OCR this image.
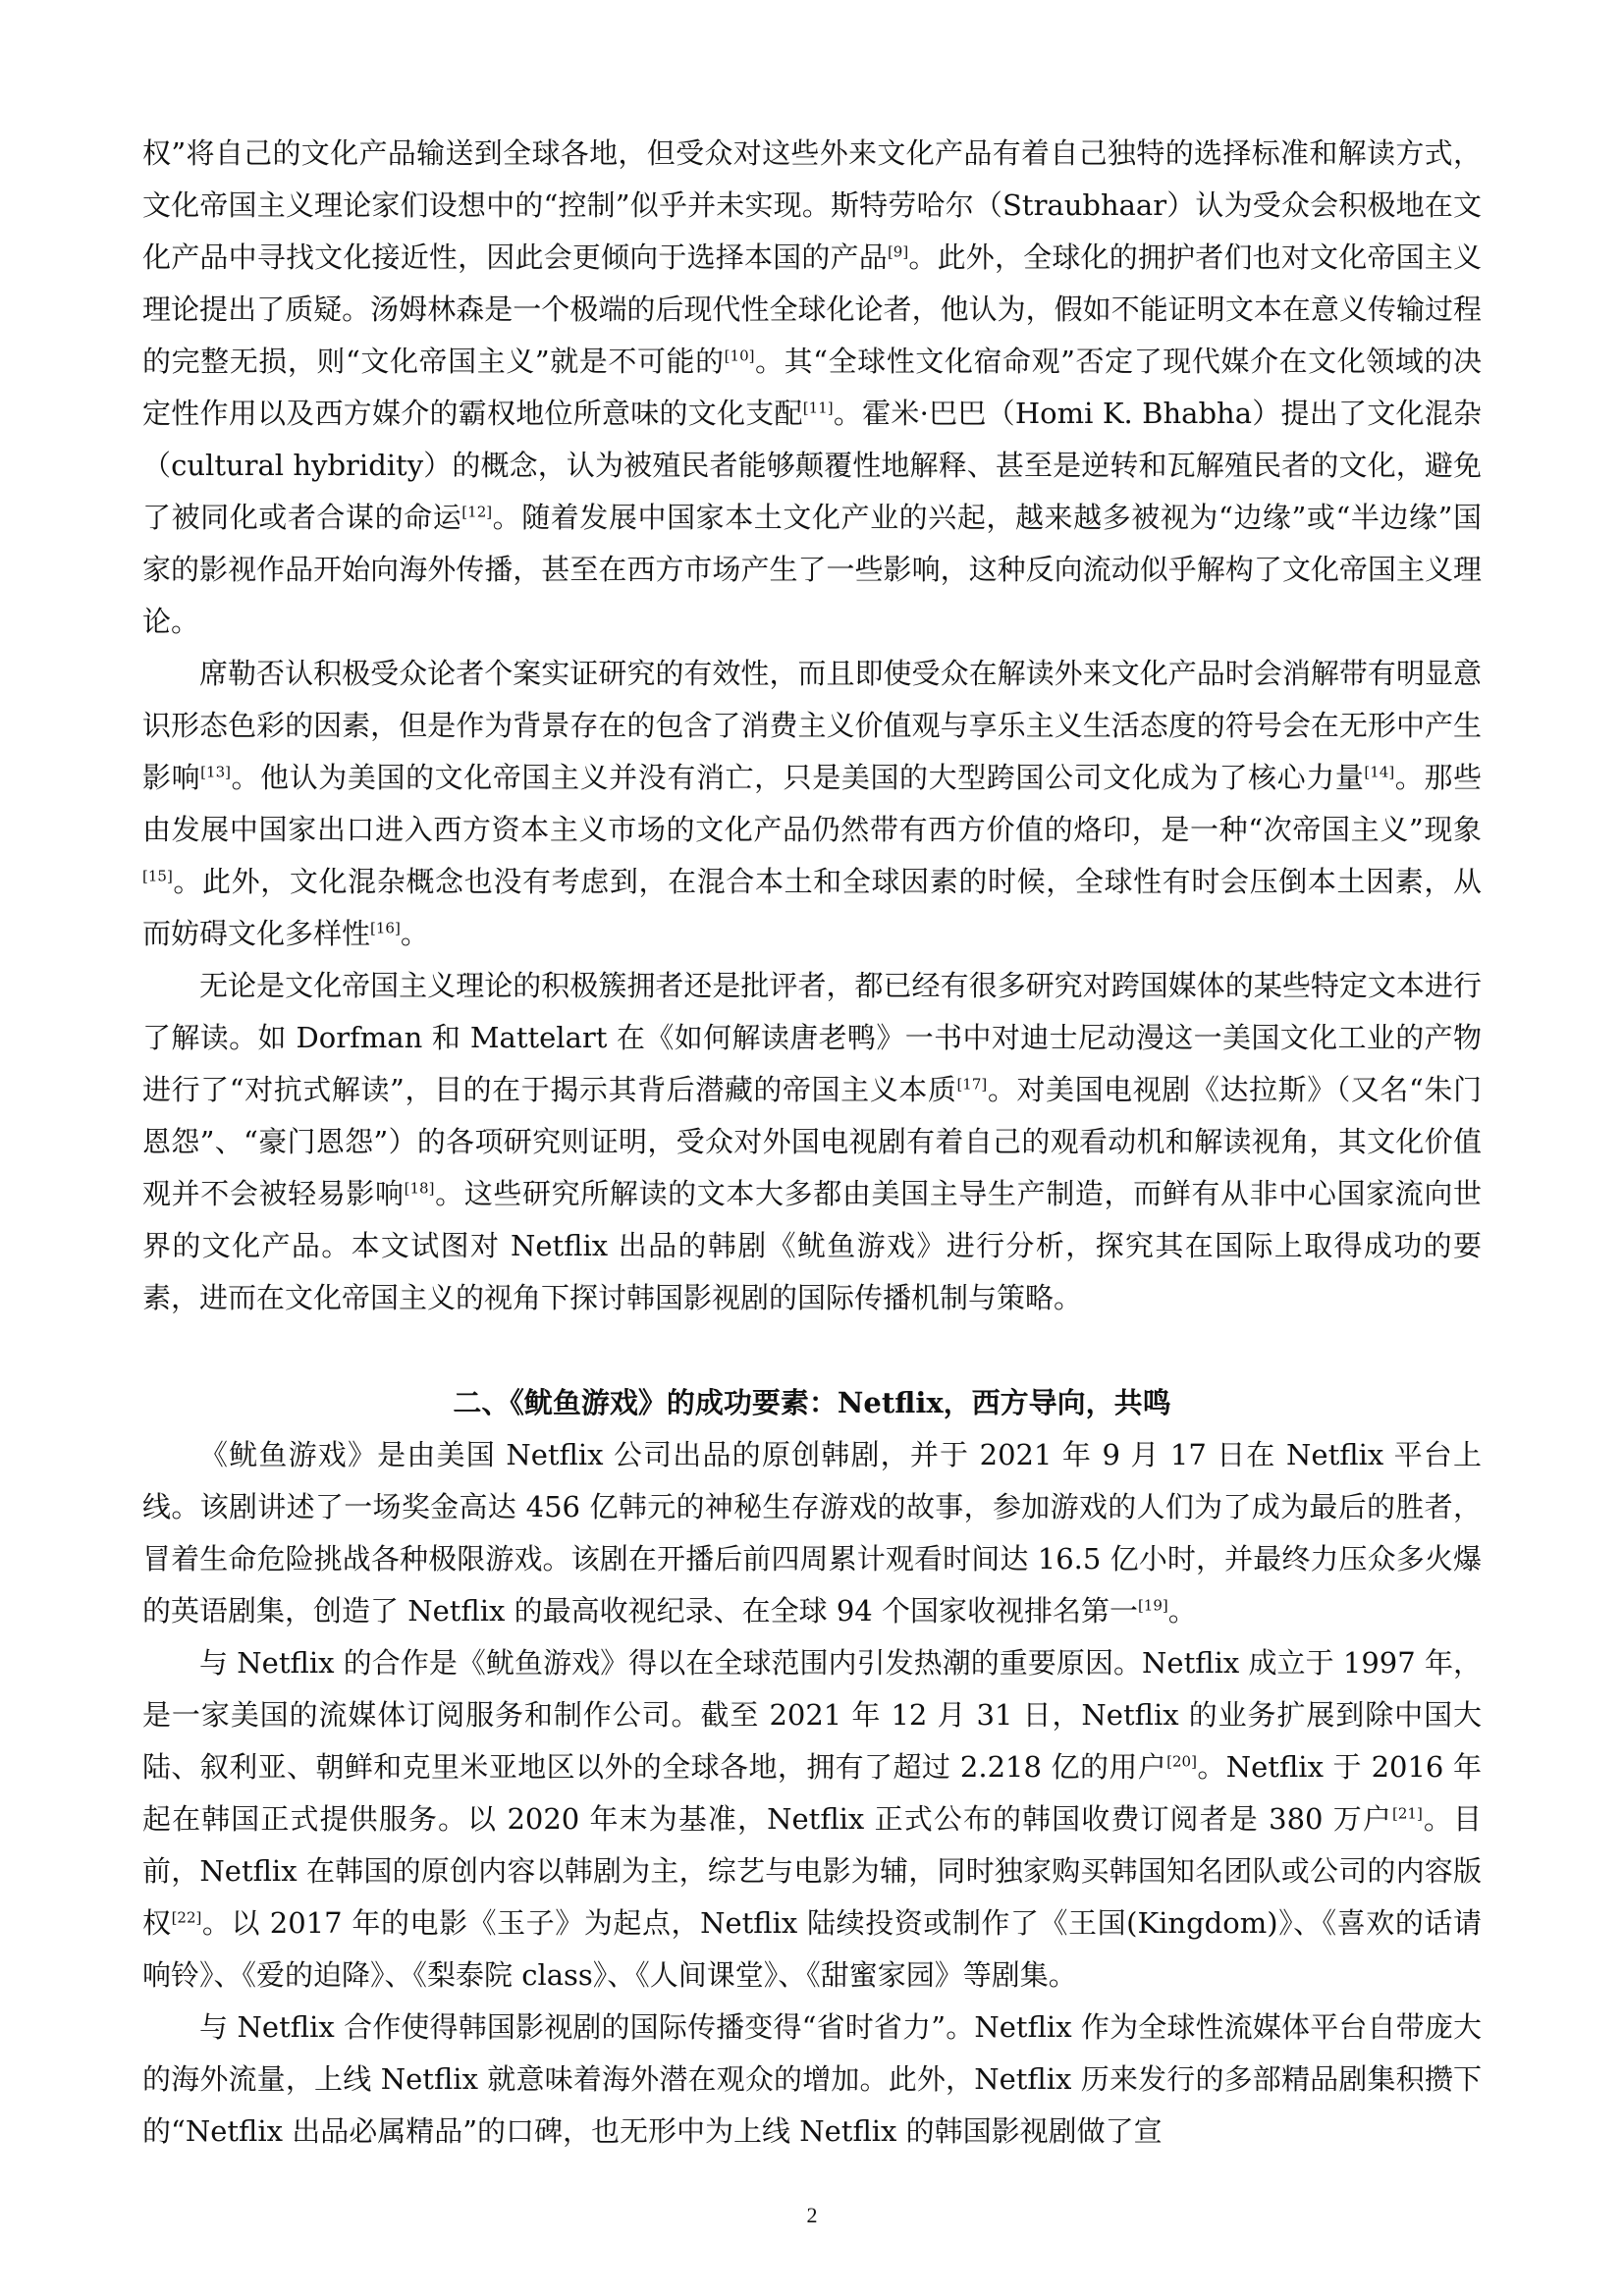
权”将自己的文化产品输送到全球各地，但受众对这些外来文化产品有着自己独特的选择标准和解读方式，文化帝国主义理论家们设想中的“控制”似乎并未实现。斯特劳哈尔（Straubhaar）认为受众会积极地在文化产品中寻找文化接近性，因此会更倾向于选择本国的产品[9]。此外，全球化的拥护者们也对文化帝国主义理论提出了质疑。汤姆林森是一个极端的后现代性全球化论者，他认为，假如不能证明文本在意义传输过程的完整无损，则“文化帝国主义”就是不可能的[10]。其“全球性文化宿命观”否定了现代媒介在文化领域的决定性作用以及西方媒介的霸权地位所意味的文化支配[11]。霍米·巴巴（Homi K. Bhabha）提出了文化混杂（cultural hybridity）的概念，认为被殖民者能够颠覆性地解释、甚至是逆转和瓦解殖民者的文化，避免了被同化或者合谋的命运[12]。随着发展中国家本土文化产业的兴起，越来越多被视为“边缘”或“半边缘”国家的影视作品开始向海外传播，甚至在西方市场产生了一些影响，这种反向流动似乎解构了文化帝国主义理论。

席勒否认积极受众论者个案实证研究的有效性，而且即使受众在解读外来文化产品时会消解带有明显意识形态色彩的因素，但是作为背景存在的包含了消费主义价值观与享乐主义生活态度的符号会在无形中产生影响[13]。他认为美国的文化帝国主义并没有消亡，只是美国的大型跨国公司文化成为了核心力量[14]。那些由发展中国家出口进入西方资本主义市场的文化产品仍然带有西方价值的烙印，是一种“次帝国主义”现象[15]。此外，文化混杂概念也没有考虑到，在混合本土和全球因素的时候，全球性有时会压倒本土因素，从而妨碍文化多样性[16]。

无论是文化帝国主义理论的积极簇拥者还是批评者，都已经有很多研究对跨国媒体的某些特定文本进行了解读。如 Dorfman 和 Mattelart 在《如何解读唐老鸭》一书中对迪士尼动漫这一美国文化工业的产物进行了“对抗式解读”，目的在于揭示其背后潜藏的帝国主义本质[17]。对美国电视剧《达拉斯》（又名“朱门恩怨”、“豪门恩怨”）的各项研究则证明，受众对外国电视剧有着自己的观看动机和解读视角，其文化价值观并不会被轻易影响[18]。这些研究所解读的文本大多都由美国主导生产制造，而鲜有从非中心国家流向世界的文化产品。本文试图对 Netflix 出品的韩剧《鱿鱼游戏》进行分析，探究其在国际上取得成功的要素，进而在文化帝国主义的视角下探讨韩国影视剧的国际传播机制与策略。

二、《鱿鱼游戏》的成功要素：Netflix，西方导向，共鸣

《鱿鱼游戏》是由美国 Netflix 公司出品的原创韩剧，并于 2021 年 9 月 17 日在 Netflix 平台上线。该剧讲述了一场奖金高达 456 亿韩元的神秘生存游戏的故事，参加游戏的人们为了成为最后的胜者，冒着生命危险挑战各种极限游戏。该剧在开播后前四周累计观看时间达 16.5 亿小时，并最终力压众多火爆的英语剧集，创造了 Netflix 的最高收视纪录、在全球 94 个国家收视排名第一[19]。

与 Netflix 的合作是《鱿鱼游戏》得以在全球范围内引发热潮的重要原因。Netflix 成立于 1997 年，是一家美国的流媒体订阅服务和制作公司。截至 2021 年 12 月 31 日，Netflix 的业务扩展到除中国大陆、叙利亚、朝鲜和克里米亚地区以外的全球各地，拥有了超过 2.218 亿的用户[20]。Netflix 于 2016 年起在韩国正式提供服务。以 2020 年末为基准，Netflix 正式公布的韩国收费订阅者是 380 万户[21]。目前，Netflix 在韩国的原创内容以韩剧为主，综艺与电影为辅，同时独家购买韩国知名团队或公司的内容版权[22]。以 2017 年的电影《玉子》为起点，Netflix 陆续投资或制作了《王国(Kingdom)》、《喜欢的话请响铃》、《爱的迫降》、《梨泰院 class》、《人间课堂》、《甜蜜家园》等剧集。

与 Netflix 合作使得韩国影视剧的国际传播变得“省时省力”。Netflix 作为全球性流媒体平台自带庞大的海外流量，上线 Netflix 就意味着海外潜在观众的增加。此外，Netflix 历来发行的多部精品剧集积攒下的“Netflix 出品必属精品”的口碑，也无形中为上线 Netflix 的韩国影视剧做了宣

2
